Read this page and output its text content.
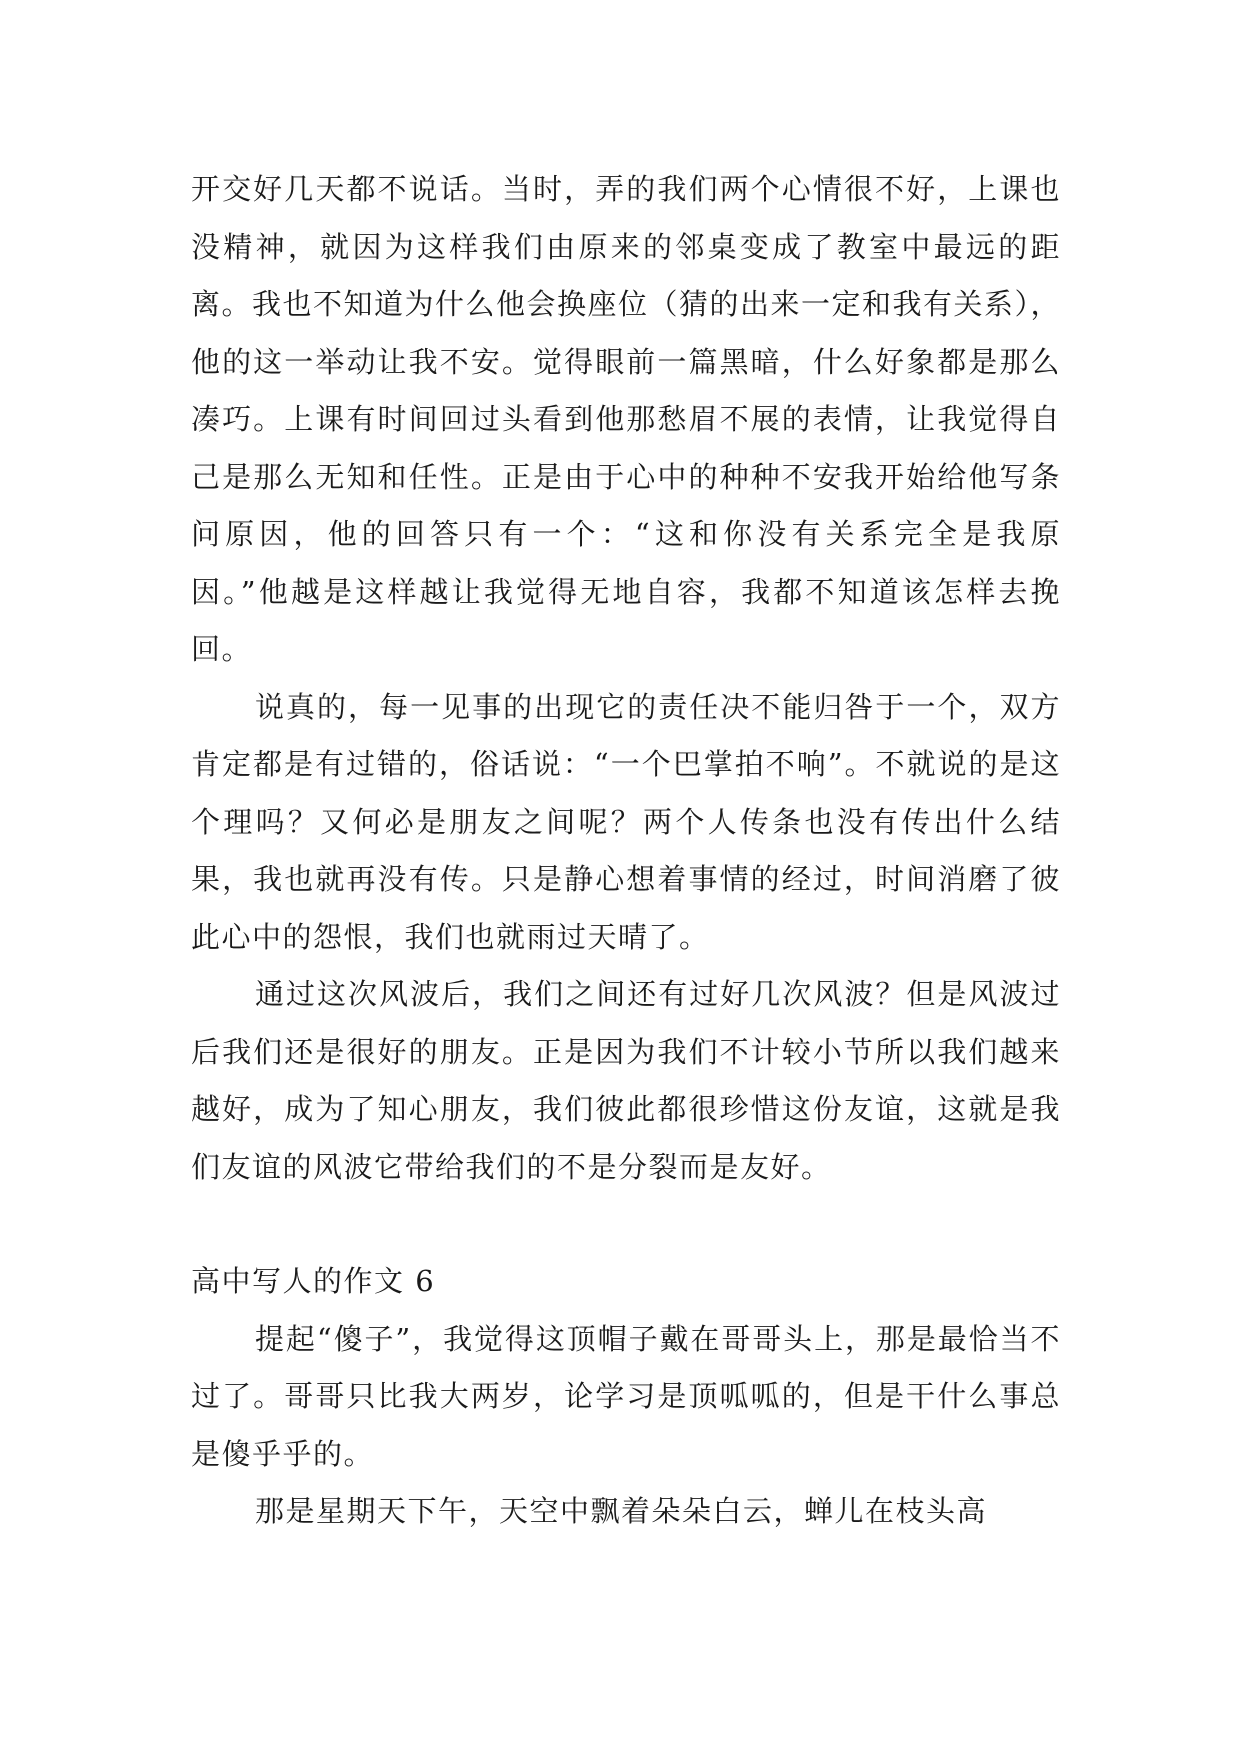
开交好几天都不说话。当时，弄的我们两个心情很不好，上课也没精神，就因为这样我们由原来的邻桌变成了教室中最远的距离。我也不知道为什么他会换座位（猜的出来一定和我有关系），他的这一举动让我不安。觉得眼前一篇黑暗，什么好象都是那么凑巧。上课有时间回过头看到他那愁眉不展的表情，让我觉得自己是那么无知和任性。正是由于心中的种种不安我开始给他写条问原因，他的回答只有一个：“这和你没有关系完全是我原因。”他越是这样越让我觉得无地自容，我都不知道该怎样去挽回。

说真的，每一见事的出现它的责任决不能归咎于一个，双方肯定都是有过错的，俗话说：“一个巴掌拍不响”。不就说的是这个理吗？又何必是朋友之间呢？两个人传条也没有传出什么结果，我也就再没有传。只是静心想着事情的经过，时间消磨了彼此心中的怨恨，我们也就雨过天晴了。

通过这次风波后，我们之间还有过好几次风波？但是风波过后我们还是很好的朋友。正是因为我们不计较小节所以我们越来越好，成为了知心朋友，我们彼此都很珍惜这份友谊，这就是我们友谊的风波它带给我们的不是分裂而是友好。

高中写人的作文 6

提起“傻子”，我觉得这顶帽子戴在哥哥头上，那是最恰当不过了。哥哥只比我大两岁，论学习是顶呱呱的，但是干什么事总是傻乎乎的。

那是星期天下午，天空中飘着朵朵白云，蝉儿在枝头高
